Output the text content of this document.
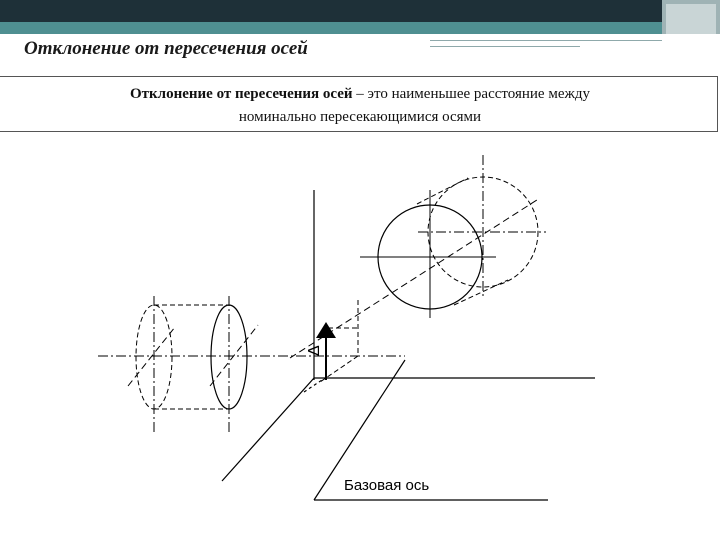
Отклонение от пересечения осей
Отклонение от пересечения осей – это наименьшее расстояние между
номинально пересекающимися осями
Δ
Базовая ось
